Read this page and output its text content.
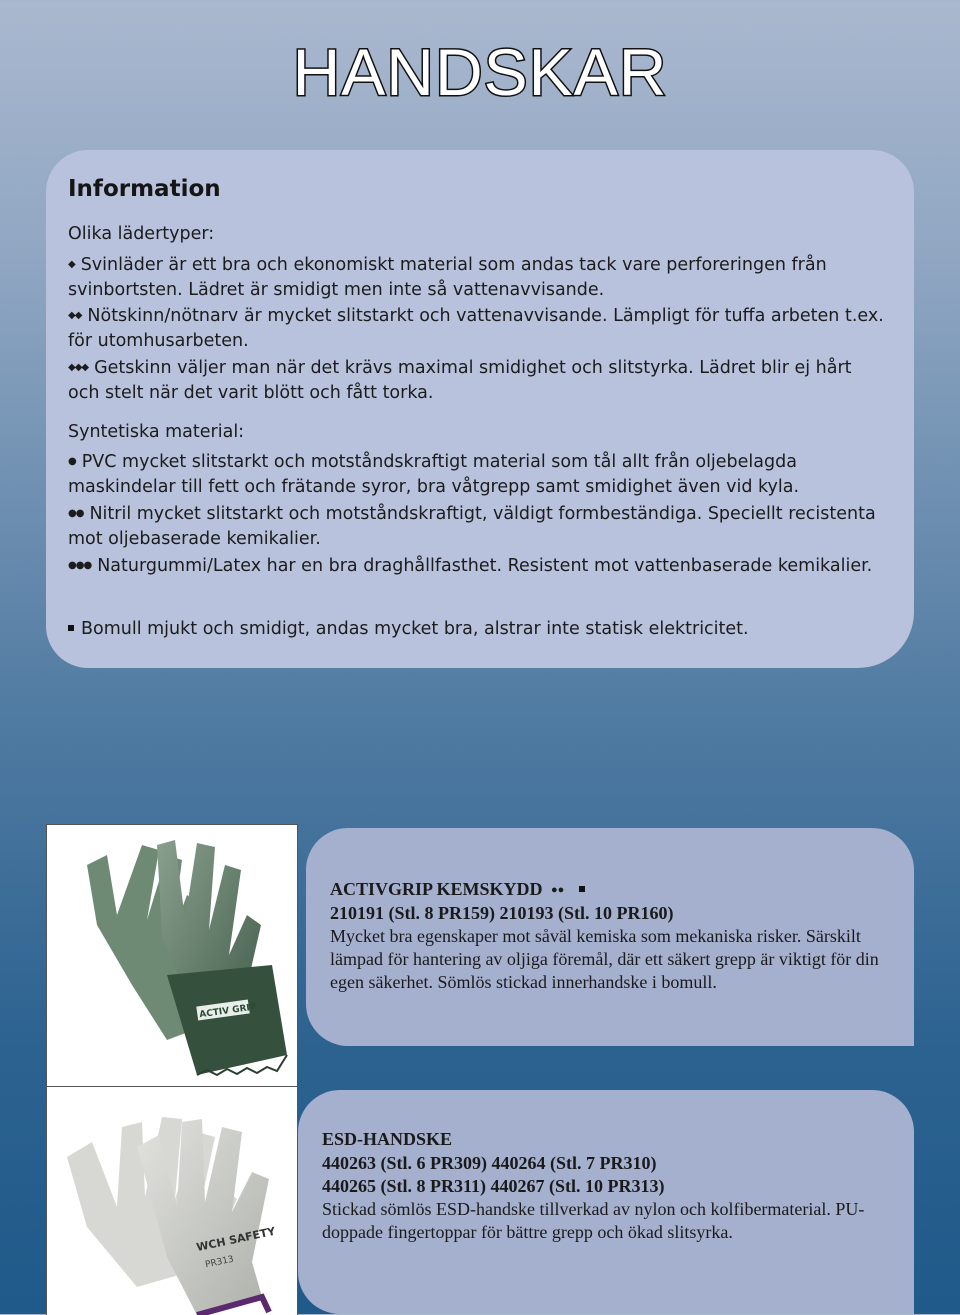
HANDSKAR
Information
Olika lädertyper:
◆ Svinläder är ett bra och ekonomiskt material som andas tack vare perforeringen från svinbortsten. Lädret är smidigt men inte så vattenavvisande.
◆◆ Nötskinn/nötnarv är mycket slitstarkt och vattenavvisande. Lämpligt för tuffa arbeten t.ex. för utomhusarbeten.
◆◆◆ Getskinn väljer man när det krävs maximal smidighet och slitstyrka. Lädret blir ej hårt och stelt när det varit blött och fått torka.
Syntetiska material:
● PVC mycket slitstarkt och motståndskraftigt material som tål allt från oljebelagda maskindelar till fett och frätande syror, bra våtgrepp samt smidighet även vid kyla.
●● Nitril mycket slitstarkt och motståndskraftigt, väldigt formbeständiga. Speciellt recistenta mot oljebaserade kemikalier.
●●● Naturgummi/Latex har en bra draghållfasthet. Resistent mot vattenbaserade kemikalier.
Bomull mjukt och smidigt, andas mycket bra, alstrar inte statisk elektricitet.
ACTIV GRIP
ACTIVGRIP KEMSKYDD ●●
210191 (Stl. 8 PR159) 210193 (Stl. 10 PR160)
Mycket bra egenskaper mot såväl kemiska som mekaniska risker. Särskilt lämpad för hantering av oljiga föremål, där ett säkert grepp är viktigt för din egen säkerhet. Sömlös stickad innerhandske i bomull.
WCH SAFETY
PR313
ESD-HANDSKE
440263 (Stl. 6 PR309) 440264 (Stl. 7 PR310)
440265 (Stl. 8 PR311) 440267 (Stl. 10 PR313)
Stickad sömlös ESD-handske tillverkad av nylon och kolfibermaterial. PU-doppade fingertoppar för bättre grepp och ökad slitsyrka.
